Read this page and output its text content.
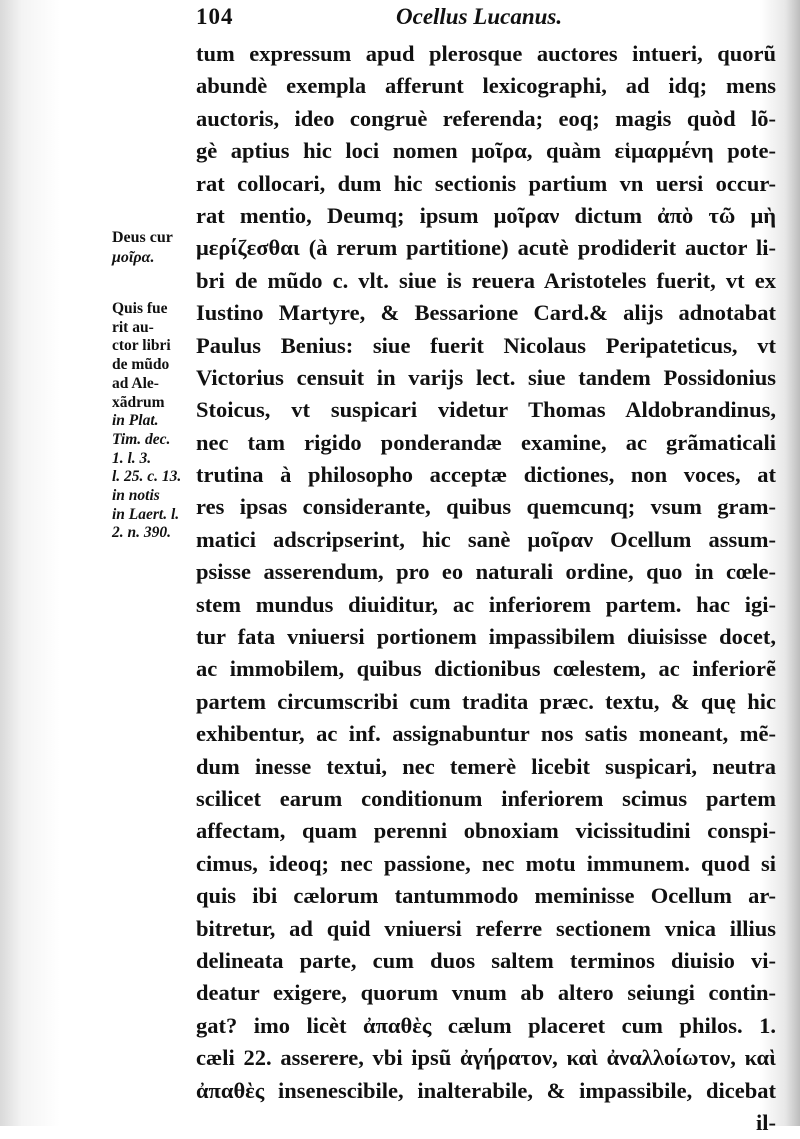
104	Ocellus Lucanus.
Deus cur
μοῖρα.
Quis fue
rit au-
ctor libri
de mũdo
ad Ale-
xãdrum
in Plat.
Tim. dec.
1. l. 3.
l. 25. c. 13.
in notis
in Laert. l.
2. n. 390.
tum expressum apud plerosque auctores intueri, quorũ
abundè exempla afferunt lexicographi, ad idq; mens
auctoris, ideo congruè referenda; eoq; magis quòd lõ-
gè aptius hic loci nomen μοῖρα, quàm εἱμαρμένη pote-
rat collocari, dum hic sectionis partium vn uersi occur-
rat mentio, Deumq; ipsum μοῖραν dictum ἀπὸ τῶ μὴ
μερίζεσθαι (à rerum partitione) acutè prodiderit auctor li-
bri de mũdo c. vlt. siue is reuera Aristoteles fuerit, vt ex
Iustino Martyre, & Bessarione Card.& alijs adnotabat
Paulus Benius: siue fuerit Nicolaus Peripateticus, vt
Victorius censuit in varijs lect. siue tandem Possidonius
Stoicus, vt suspicari videtur Thomas Aldobrandinus,
nec tam rigido ponderandæ examine, ac grãmaticali
trutina à philosopho acceptæ dictiones, non voces, at
res ipsas considerante, quibus quemcunq; vsum gram-
matici adscripserint, hic sanè μοῖραν Ocellum assum-
psisse asserendum, pro eo naturali ordine, quo in cœle-
stem mundus diuiditur, ac inferiorem partem. hac igi-
tur fata vniuersi portionem impassibilem diuisisse docet,
ac immobilem, quibus dictionibus cœlestem, ac inferiorẽ
partem circumscribi cum tradita præc. textu, & quę hic
exhibentur, ac inf. assignabuntur nos satis moneant, mẽ-
dum inesse textui, nec temerè licebit suspicari, neutra
scilicet earum conditionum inferiorem scimus partem
affectam, quam perenni obnoxiam vicissitudini conspi-
cimus, ideoq; nec passione, nec motu immunem. quod si
quis ibi cælorum tantummodo meminisse Ocellum ar-
bitretur, ad quid vniuersi referre sectionem vnica illius
delineata parte, cum duos saltem terminos diuisio vi-
deatur exigere, quorum vnum ab altero seiungi contin-
gat? imo licèt ἀπαθὲς cælum placeret cum philos. 1.
cæli 22. asserere, vbi ipsũ ἀγήρατον, καὶ ἀναλλοίωτον, καὶ
ἀπαθὲς insenescibile, inalterabile, & impassibile, dicebat
il-
